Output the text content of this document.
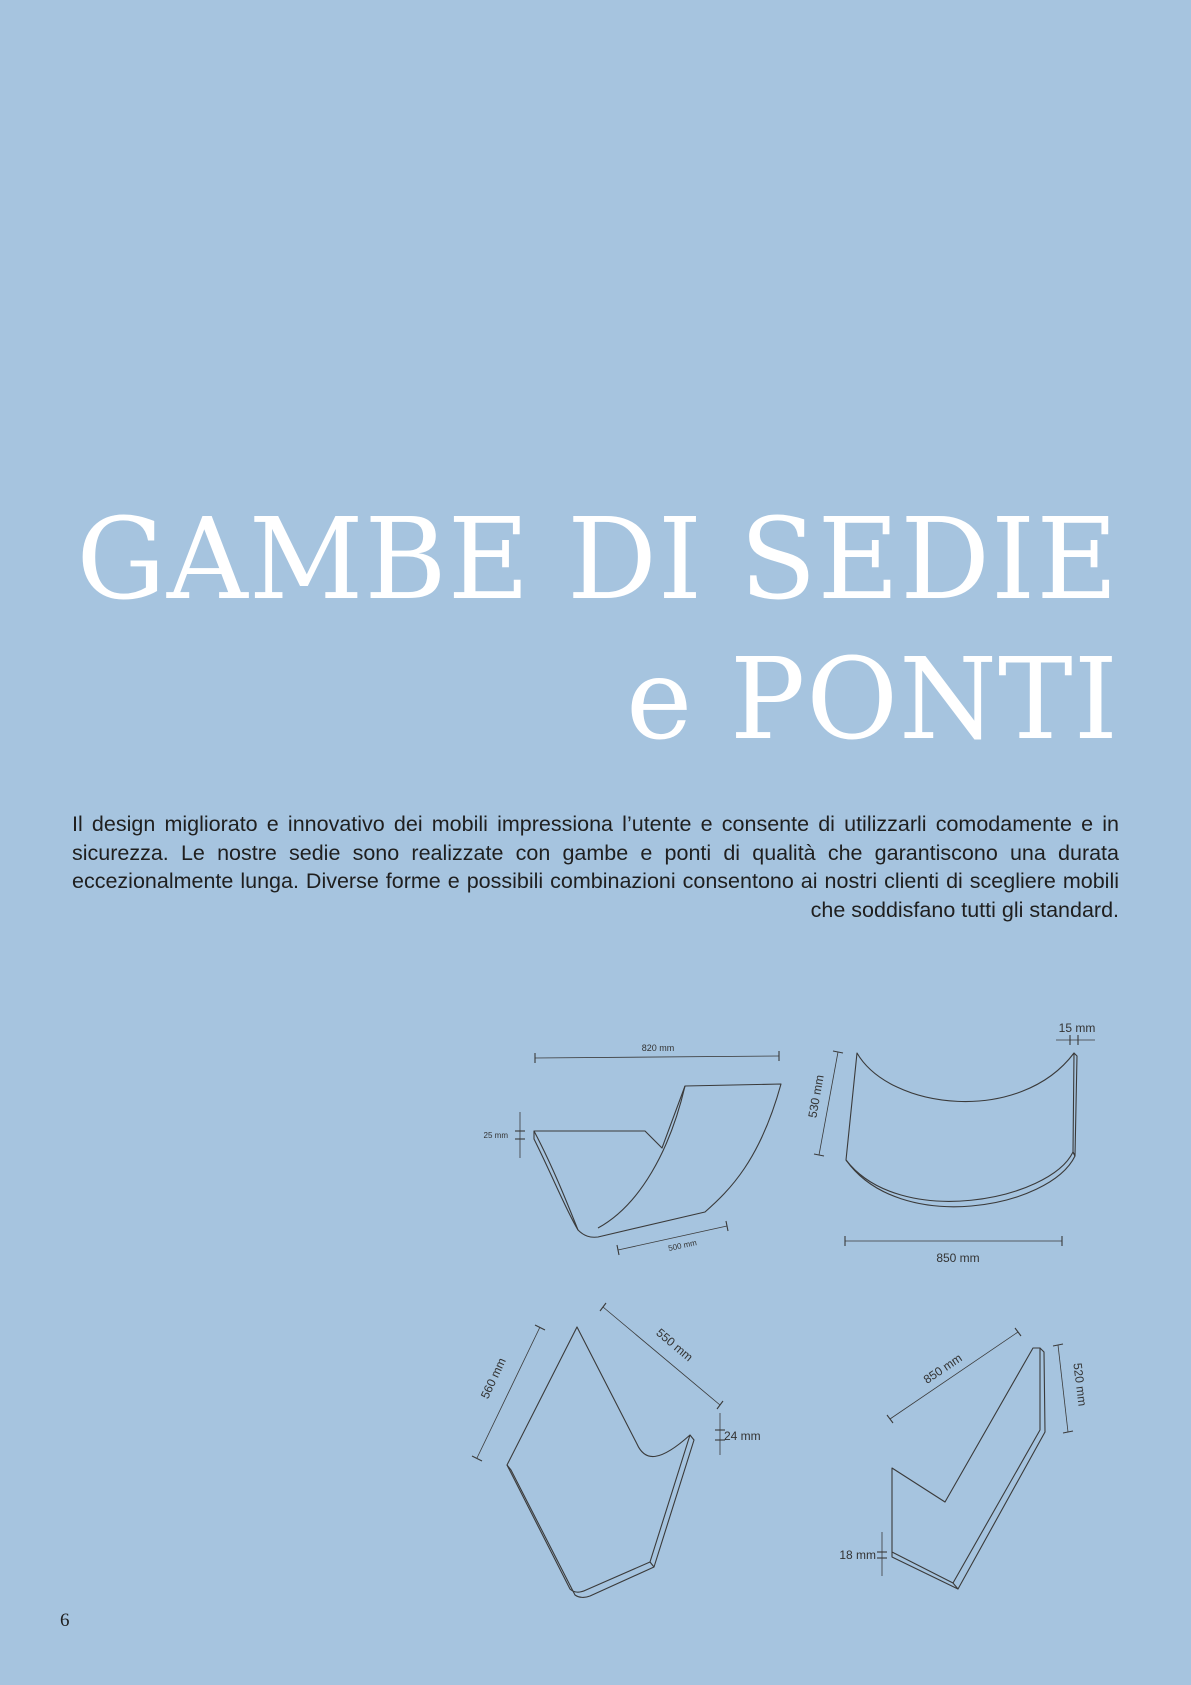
GAMBE DI SEDIE
e PONTI

Il design migliorato e innovativo dei mobili impressiona l’utente e consente di utilizzarli comodamente e in sicurezza. Le nostre sedie sono realizzate con gambe e ponti di qualità che garantiscono una durata eccezionalmente lunga. Diverse forme e possibili combinazioni consentono ai nostri clienti di scegliere mobili che soddisfano tutti gli standard.

820 mm
25 mm
500 mm
530 mm
850 mm
15 mm
560 mm
550 mm
24 mm
850 mm	520 mm
18 mm
6
